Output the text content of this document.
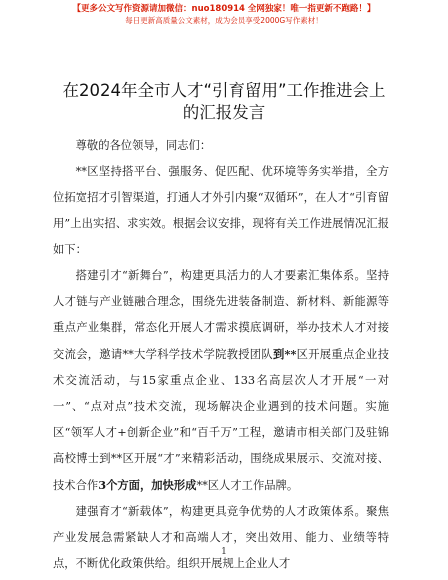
【更多公文写作资源请加微信：nuo180914 全网独家！唯一指更新不跑路！】
每日更新高质量公文素材，成为会员享受2000G写作素材！
在2024年全市人才“引育留用”工作推进会上
的汇报发言

尊敬的各位领导，同志们：

**区坚持搭平台、强服务、促匹配、优环境等务实举措，全方位拓宽招才引智渠道，打通人才外引内聚“双循环”，在人才“引育留用”上出实招、求实效。根据会议安排，现将有关工作进展情况汇报如下：

搭建引才“新舞台”，构建更具活力的人才要素汇集体系。坚持人才链与产业链融合理念，围绕先进装备制造、新材料、新能源等重点产业集群，常态化开展人才需求摸底调研，举办技术人才对接交流会，邀请**大学科学技术学院教授团队到**区开展重点企业技术交流活动，与15家重点企业、133名高层次人才开展“一对一”、“点对点”技术交流，现场解决企业遇到的技术问题。实施区“领军人才+创新企业”和“百千万”工程，邀请市相关部门及驻锦高校博士到**区开展“才”来精彩活动，围绕成果展示、交流对接、技术合作3个方面，加快形成**区人才工作品牌。

建强育才“新载体”，构建更具竞争优势的人才政策体系。聚焦产业发展急需紧缺人才和高端人才，突出效用、能力、业绩等特点，不断优化政策供给。组织开展规上企业人才

1
